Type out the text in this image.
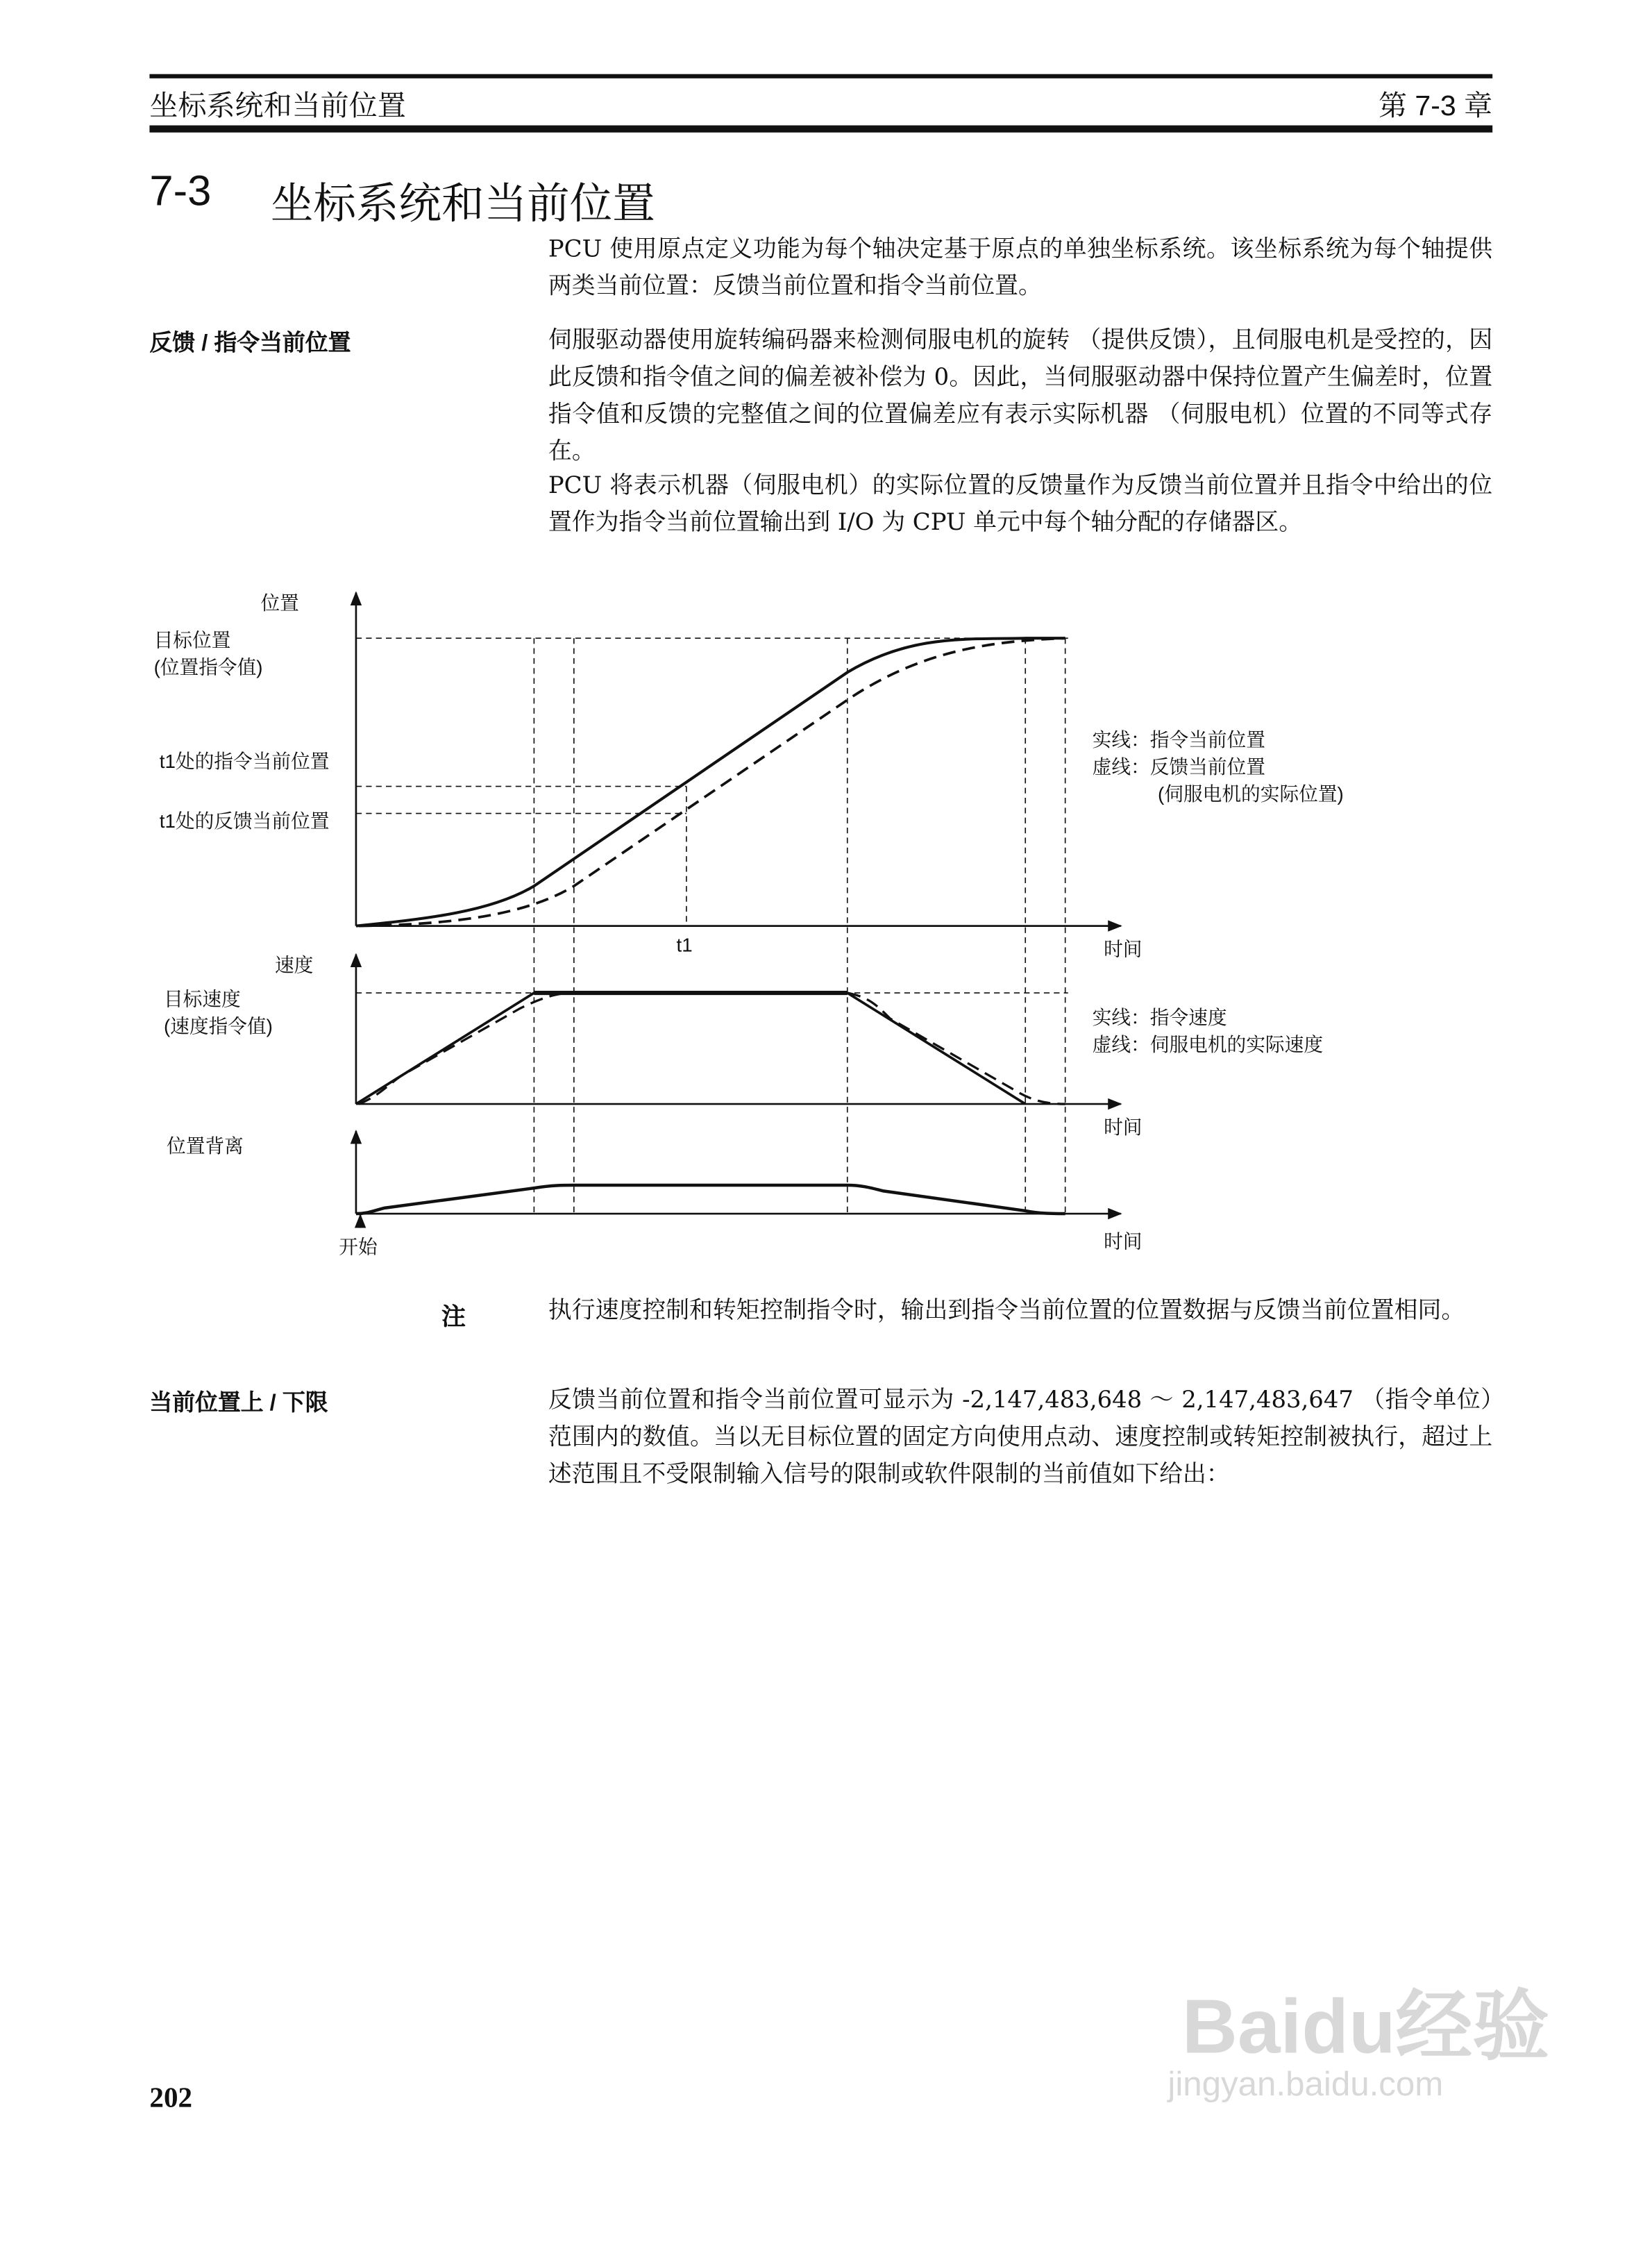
坐标系统和当前位置	第 7-3 章
7-3	坐标系统和当前位置
PCU 使用原点定义功能为每个轴决定基于原点的单独坐标系统。该坐标系统为每个轴提供两类当前位置：反馈当前位置和指令当前位置。
反馈 / 指令当前位置	伺服驱动器使用旋转编码器来检测伺服电机的旋转 （提供反馈），且伺服电机是受控的，因此反馈和指令值之间的偏差被补偿为 0。因此，当伺服驱动器中保持位置产生偏差时，位置指令值和反馈的完整值之间的位置偏差应有表示实际机器 （伺服电机）位置的不同等式存在。
PCU 将表示机器（伺服电机）的实际位置的反馈量作为反馈当前位置并且指令中给出的位置作为指令当前位置输出到 I/O 为 CPU 单元中每个轴分配的存储器区。
位置
目标位置
(位置指令值)
t1处的指令当前位置
t1处的反馈当前位置
t1	时间
实线：指令当前位置
虚线：反馈当前位置
(伺服电机的实际位置)
速度
目标速度
(速度指令值)	实线：指令速度
虚线：伺服电机的实际速度
时间
位置背离
开始	时间
注	执行速度控制和转矩控制指令时，输出到指令当前位置的位置数据与反馈当前位置相同。
当前位置上 / 下限	反馈当前位置和指令当前位置可显示为 -2,147,483,648 ～ 2,147,483,647 （指令单位）范围内的数值。当以无目标位置的固定方向使用点动、速度控制或转矩控制被执行，超过上述范围且不受限制输入信号的限制或软件限制的当前值如下给出：
202
Baidu经验
jingyan.baidu.com
